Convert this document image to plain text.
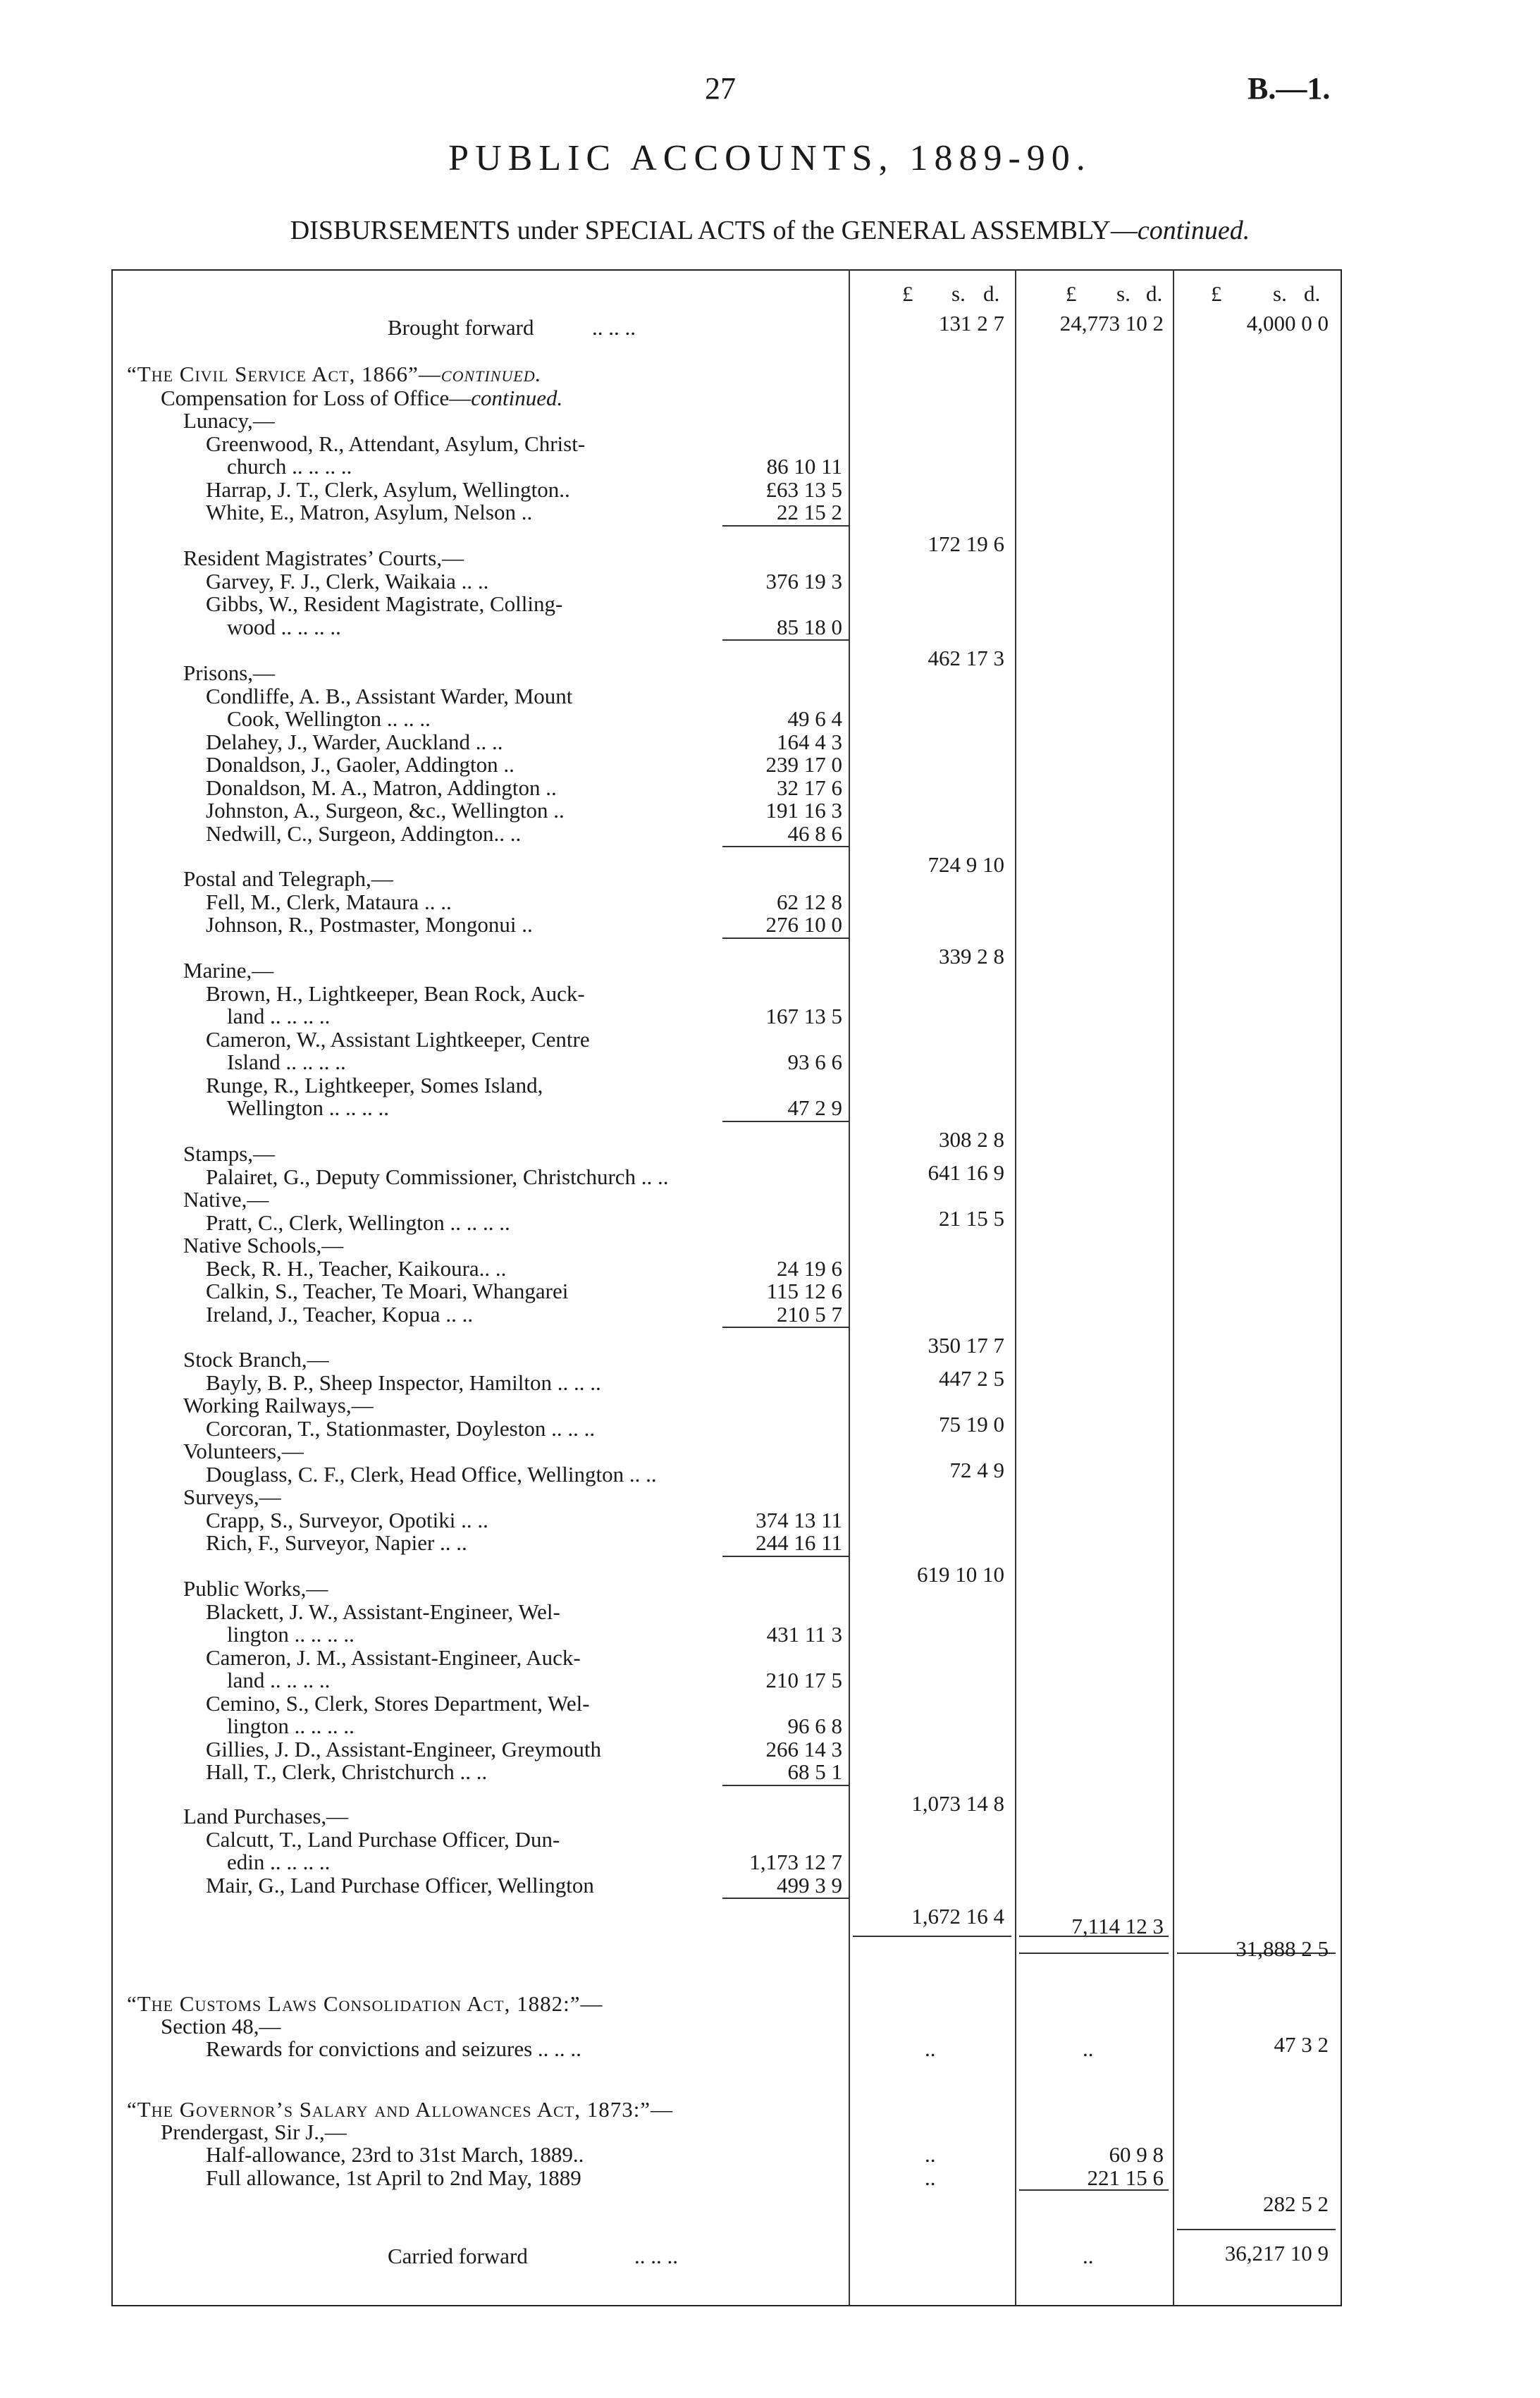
27	B.—1.
PUBLIC ACCOUNTS, 1889-90.
DISBURSEMENTS under SPECIAL ACTS of the GENERAL ASSEMBLY—continued.
£ s. d.	£ s. d. £ s. d.
Brought forward	.. .. ..	131 2 7	24,773 10 2	4,000 0 0
“The Civil Service Act, 1866”—continued.
Compensation for Loss of Office—continued.
Lunacy,—
Greenwood, R., Attendant, Asylum, Christ-
church .. .. .. ..	86 10 11
Harrap, J. T., Clerk, Asylum, Wellington..	£63 13 5
White, E., Matron, Asylum, Nelson ..	22 15 2
172 19 6
Resident Magistrates’ Courts,—
Garvey, F. J., Clerk, Waikaia .. ..	376 19 3
Gibbs, W., Resident Magistrate, Colling-
wood .. .. .. ..	85 18 0
462 17 3
Prisons,—
Condliffe, A. B., Assistant Warder, Mount
Cook, Wellington .. .. ..	49 6 4
Delahey, J., Warder, Auckland .. ..	164 4 3
Donaldson, J., Gaoler, Addington ..	239 17 0
Donaldson, M. A., Matron, Addington ..	32 17 6
Johnston, A., Surgeon, &c., Wellington ..	191 16 3
Nedwill, C., Surgeon, Addington.. ..	46 8 6
724 9 10
Postal and Telegraph,—
Fell, M., Clerk, Mataura .. ..	62 12 8
Johnson, R., Postmaster, Mongonui ..	276 10 0
339 2 8
Marine,—
Brown, H., Lightkeeper, Bean Rock, Auck-
land .. .. .. ..	167 13 5
Cameron, W., Assistant Lightkeeper, Centre
Island .. .. .. ..	93 6 6
Runge, R., Lightkeeper, Somes Island,
Wellington .. .. .. ..	47 2 9
308 2 8
Stamps,—
Palairet, G., Deputy Commissioner, Christchurch .. ..	641 16 9
Native,—
Pratt, C., Clerk, Wellington .. .. .. ..	21 15 5
Native Schools,—
Beck, R. H., Teacher, Kaikoura.. ..	24 19 6
Calkin, S., Teacher, Te Moari, Whangarei	115 12 6
Ireland, J., Teacher, Kopua .. ..	210 5 7
350 17 7
Stock Branch,—
Bayly, B. P., Sheep Inspector, Hamilton .. .. ..	447 2 5
Working Railways,—
Corcoran, T., Stationmaster, Doyleston .. .. ..	75 19 0
Volunteers,—
Douglass, C. F., Clerk, Head Office, Wellington .. ..	72 4 9
Surveys,—
Crapp, S., Surveyor, Opotiki .. ..	374 13 11
Rich, F., Surveyor, Napier .. ..	244 16 11
619 10 10
Public Works,—
Blackett, J. W., Assistant-Engineer, Wel-
lington .. .. .. ..	431 11 3
Cameron, J. M., Assistant-Engineer, Auck-
land .. .. .. ..	210 17 5
Cemino, S., Clerk, Stores Department, Wel-
lington .. .. .. ..	96 6 8
Gillies, J. D., Assistant-Engineer, Greymouth	266 14 3
Hall, T., Clerk, Christchurch .. ..	68 5 1
1,073 14 8
Land Purchases,—
Calcutt, T., Land Purchase Officer, Dun-
edin .. .. .. ..	1,173 12 7
Mair, G., Land Purchase Officer, Wellington	499 3 9
1,672 16 4	7,114 12 3
31,888 2 5
“The Customs Laws Consolidation Act, 1882:”—
Section 48,—
Rewards for convictions and seizures .. .. ..	..	..	47 3 2
“The Governor’s Salary and Allowances Act, 1873:”—
Prendergast, Sir J.,—
Half-allowance, 23rd to 31st March, 1889..	..	60 9 8
Full allowance, 1st April to 2nd May, 1889	..	221 15 6
282 5 2
Carried forward	.. .. ..	..	36,217 10 9
